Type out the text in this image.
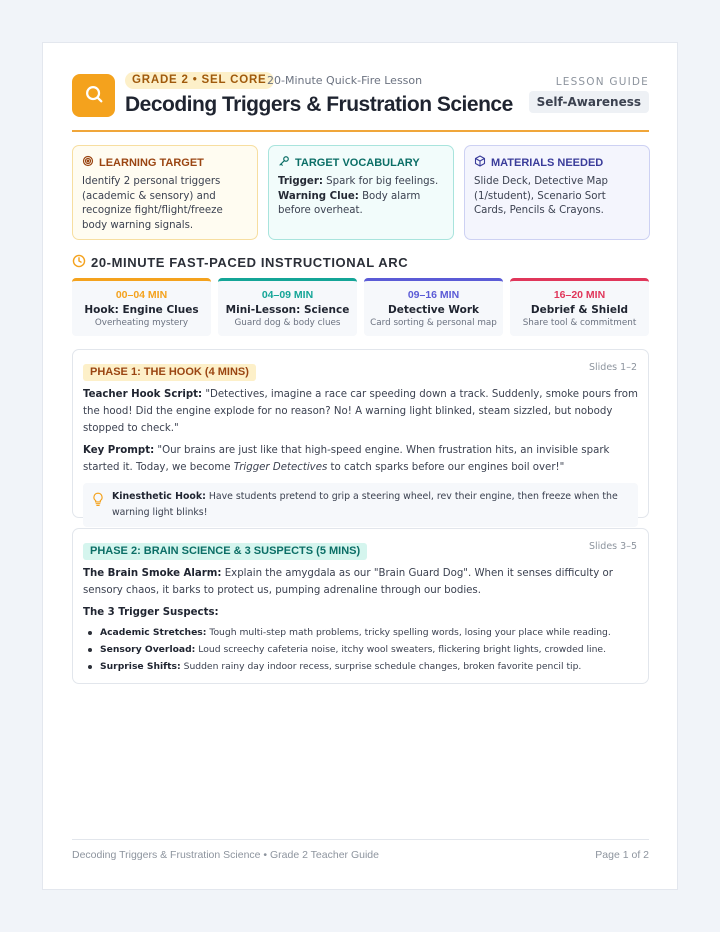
GRADE 2 • SEL CORE 20-Minute Quick-Fire Lesson
Decoding Triggers & Frustration Science
LESSON GUIDE
Self-Awareness
LEARNING TARGET
Identify 2 personal triggers (academic & sensory) and recognize fight/flight/freeze body warning signals.
TARGET VOCABULARY
Trigger: Spark for big feelings.
Warning Clue: Body alarm before overheat.
MATERIALS NEEDED
Slide Deck, Detective Map (1/student), Scenario Sort Cards, Pencils & Crayons.
20-MINUTE FAST-PACED INSTRUCTIONAL ARC
00–04 MIN
Hook: Engine Clues
Overheating mystery
04–09 MIN
Mini-Lesson: Science
Guard dog & body clues
09–16 MIN
Detective Work
Card sorting & personal map
16–20 MIN
Debrief & Shield
Share tool & commitment
PHASE 1: THE HOOK (4 MINS)	Slides 1–2

Teacher Hook Script: "Detectives, imagine a race car speeding down a track. Suddenly, smoke pours from the hood! Did the engine explode for no reason? No! A warning light blinked, steam sizzled, but nobody stopped to check."

Key Prompt: "Our brains are just like that high-speed engine. When frustration hits, an invisible spark started it. Today, we become Trigger Detectives to catch sparks before our engines boil over!"

Kinesthetic Hook: Have students pretend to grip a steering wheel, rev their engine, then freeze when the warning light blinks!
PHASE 2: BRAIN SCIENCE & 3 SUSPECTS (5 MINS)	Slides 3–5

The Brain Smoke Alarm: Explain the amygdala as our "Brain Guard Dog". When it senses difficulty or sensory chaos, it barks to protect us, pumping adrenaline through our bodies.

The 3 Trigger Suspects:

Academic Stretches: Tough multi-step math problems, tricky spelling words, losing your place while reading.
Sensory Overload: Loud screechy cafeteria noise, itchy wool sweaters, flickering bright lights, crowded line.
Surprise Shifts: Sudden rainy day indoor recess, surprise schedule changes, broken favorite pencil tip.
Decoding Triggers & Frustration Science • Grade 2 Teacher Guide	Page 1 of 2
